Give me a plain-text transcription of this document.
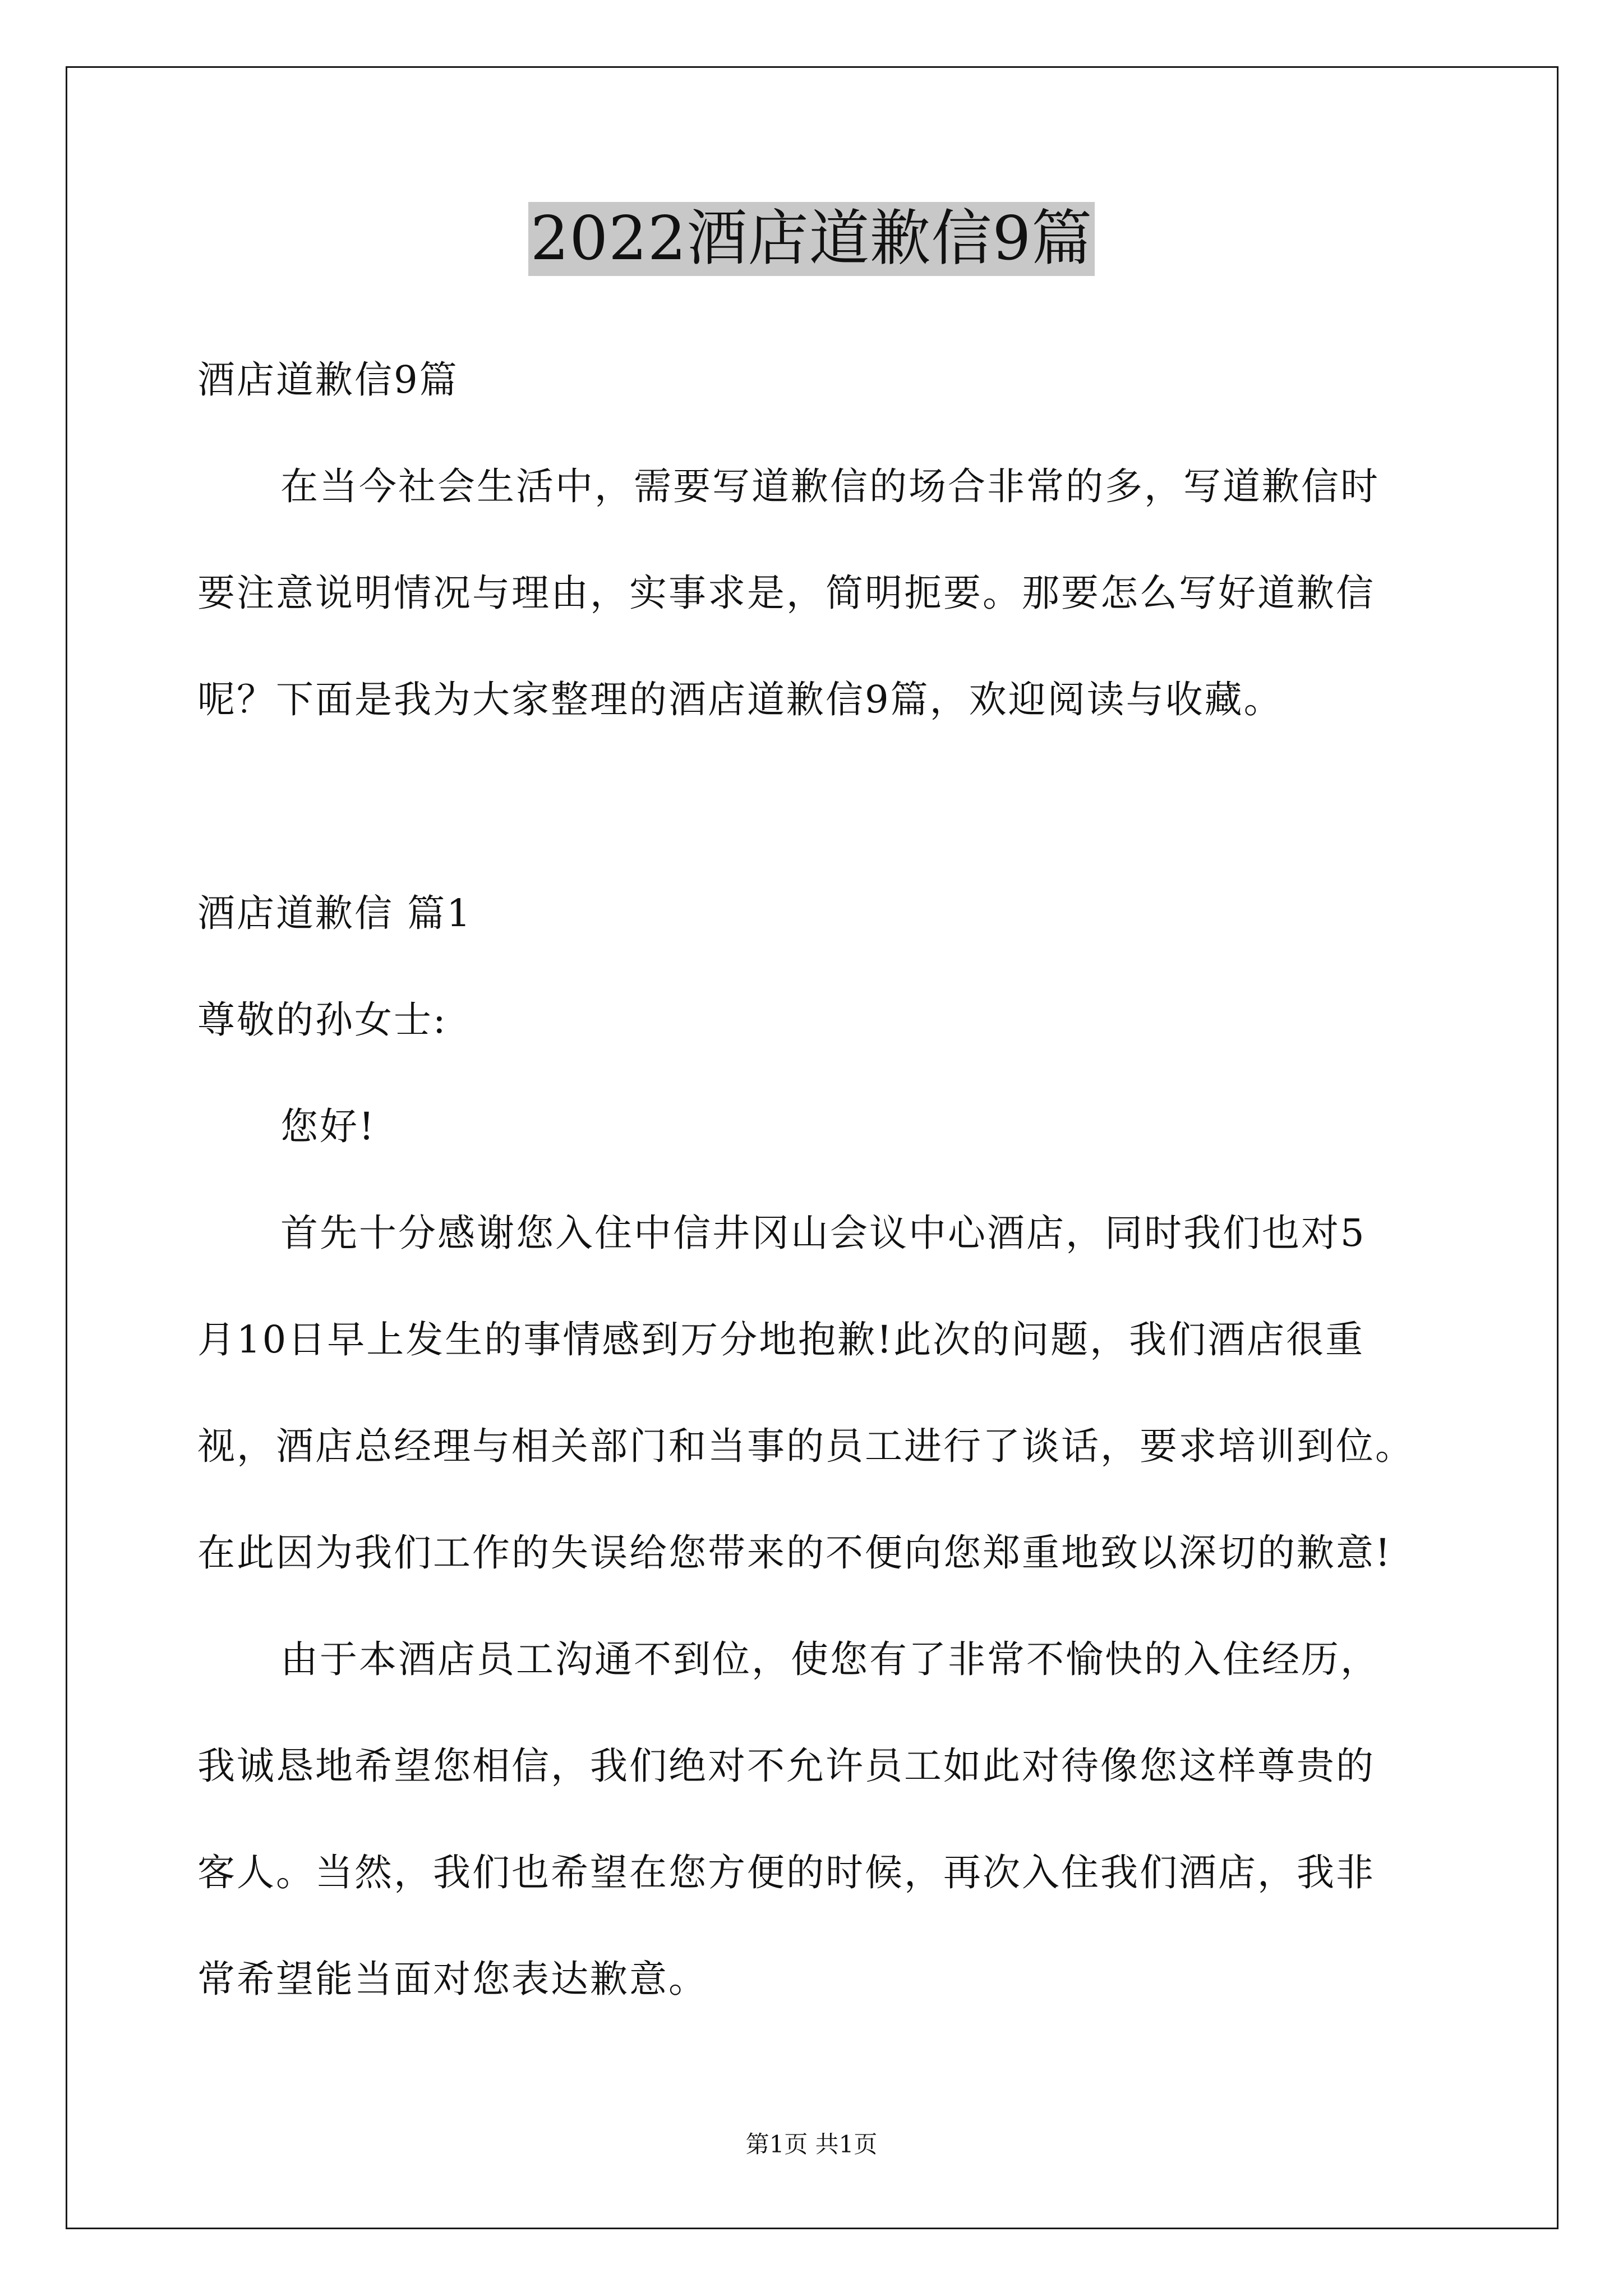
2022酒店道歉信9篇
酒店道歉信9篇
在当今社会生活中，需要写道歉信的场合非常的多，写道歉信时
要注意说明情况与理由，实事求是，简明扼要。那要怎么写好道歉信
呢？下面是我为大家整理的酒店道歉信9篇，欢迎阅读与收藏。
酒店道歉信 篇1
尊敬的孙女士:
您好!
首先十分感谢您入住中信井冈山会议中心酒店，同时我们也对5
月10日早上发生的事情感到万分地抱歉!此次的问题，我们酒店很重
视，酒店总经理与相关部门和当事的员工进行了谈话，要求培训到位。
在此因为我们工作的失误给您带来的不便向您郑重地致以深切的歉意!
由于本酒店员工沟通不到位，使您有了非常不愉快的入住经历，
我诚恳地希望您相信，我们绝对不允许员工如此对待像您这样尊贵的
客人。当然，我们也希望在您方便的时候，再次入住我们酒店，我非
常希望能当面对您表达歉意。
第1页 共1页
